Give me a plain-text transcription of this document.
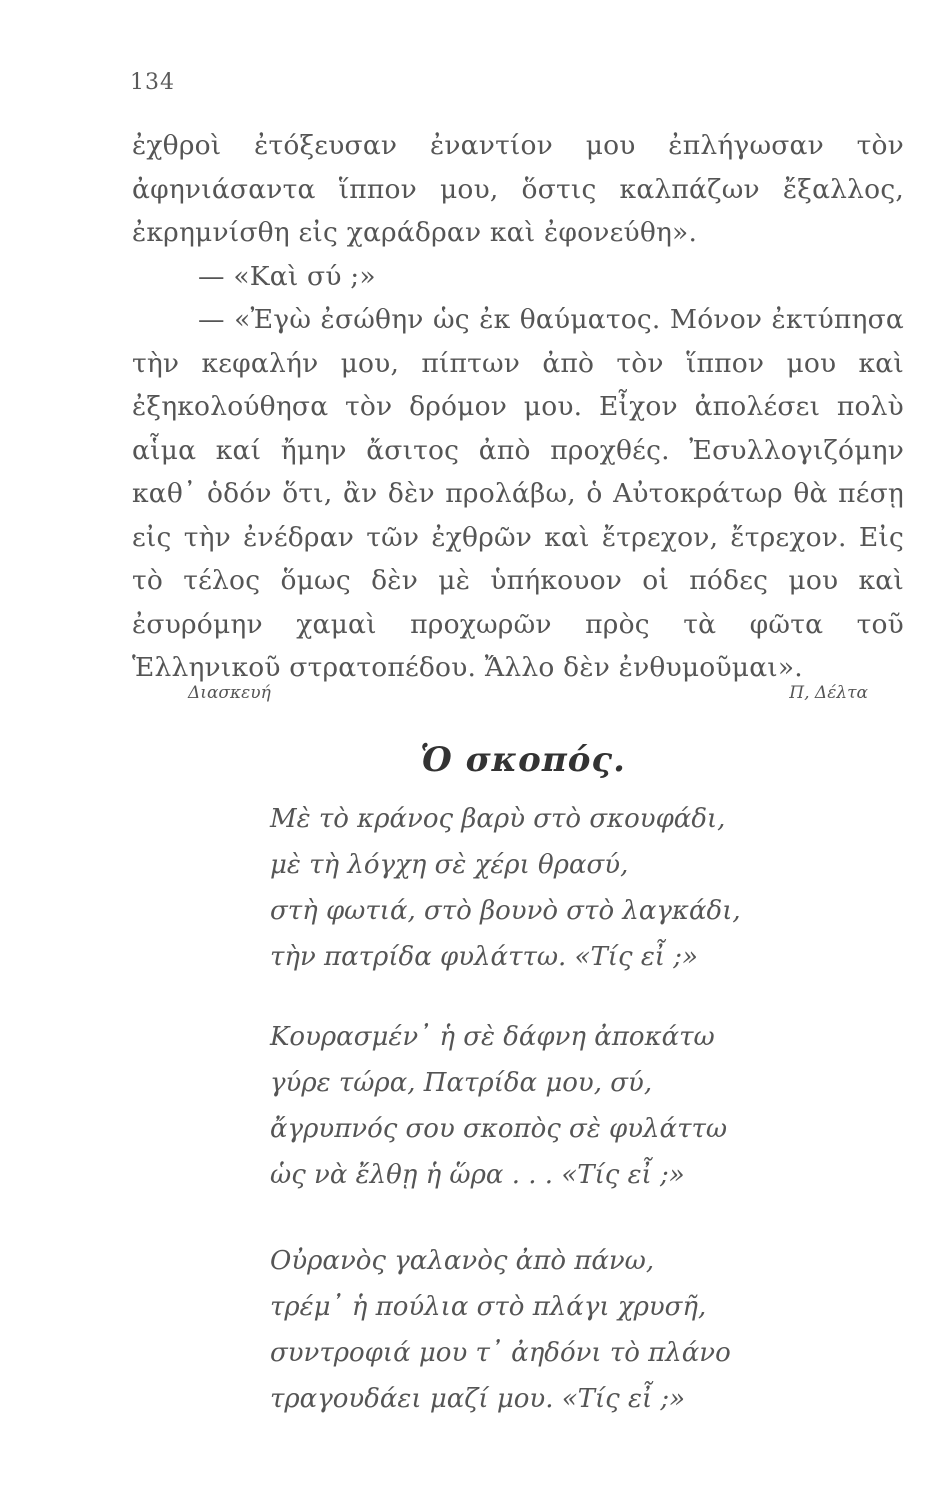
134

ἐχθροὶ ἐτόξευσαν ἐναντίον μου ἐπλήγωσαν τὸν ἀφηνιάσαντα ἵππον μου, ὅστις καλπάζων ἔξαλλος, ἐκρημνίσθη εἰς χαράδραν καὶ ἐφονεύθη».

— «Καὶ σύ ;»

— «Ἐγὼ ἐσώθην ὡς ἐκ θαύματος. Μόνον ἐκτύπησα τὴν κεφαλήν μου, πίπτων ἀπὸ τὸν ἵππον μου καὶ ἐξηκολούθησα τὸν δρόμον μου. Εἶχον ἀπολέσει πολὺ αἷμα καί ἤμην ἄσιτος ἀπὸ προχθές. Ἐσυλλογιζόμην καθ᾽ ὁδόν ὅτι, ἂν δὲν προλάβω, ὁ Αὐτοκράτωρ θὰ πέσῃ εἰς τὴν ἐνέδραν τῶν ἐχθρῶν καὶ ἔτρεχον, ἔτρεχον. Εἰς τὸ τέλος ὅμως δὲν μὲ ὑπήκουον οἱ πόδες μου καὶ ἐσυρόμην χαμαὶ προχωρῶν πρὸς τὰ φῶτα τοῦ Ἑλληνικοῦ στρατοπέδου. Ἄλλο δὲν ἐνθυμοῦμαι».

Διασκευή	Π, Δέλτα
Ὁ σκοπός.
Μὲ τὸ κράνος βαρὺ στὸ σκουφάδι,
μὲ τὴ λόγχη σὲ χέρι θρασύ,
στὴ φωτιά, στὸ βουνὸ στὸ λαγκάδι,
τὴν πατρίδα φυλάττω. «Τίς εἶ ;»
Κουρασμέν᾽ ἡ σὲ δάφνη ἀποκάτω
γύρε τώρα, Πατρίδα μου, σύ,
ἄγρυπνός σου σκοπὸς σὲ φυλάττω
ὡς νὰ ἔλθῃ ἡ ὥρα . . . «Τίς εἶ ;»
Οὐρανὸς γαλανὸς ἀπὸ πάνω,
τρέμ᾽ ἡ πούλια στὸ πλάγι χρυσῆ,
συντροφιά μου τ᾽ ἀηδόνι τὸ πλάνο
τραγουδάει μαζί μου. «Τίς εἶ ;»
